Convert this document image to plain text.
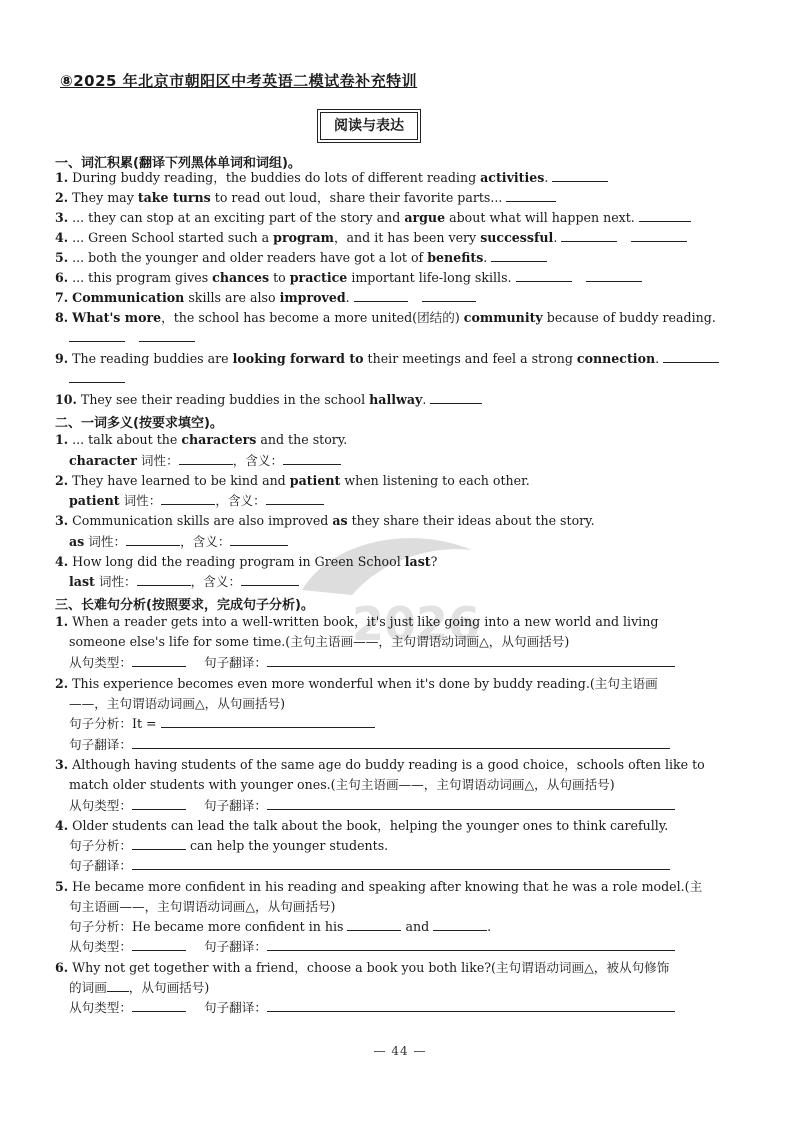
⑧2025 年北京市朝阳区中考英语二模试卷补充特训
阅读与表达
2026
一、词汇积累(翻译下列黑体单词和词组)。
1. During buddy reading，the buddies do lots of different reading activities.
2. They may take turns to read out loud，share their favorite parts...
3. ... they can stop at an exciting part of the story and argue about what will happen next.
4. ... Green School started such a program，and it has been very successful.
5. ... both the younger and older readers have got a lot of benefits.
6. ... this program gives chances to practice important life-long skills.
7. Communication skills are also improved.
8. What's more，the school has become a more united(团结的) community because of buddy reading.

9. The reading buddies are looking forward to their meetings and feel a strong connection.
10. They see their reading buddies in the school hallway.
二、一词多义(按要求填空)。
1. ... talk about the characters and the story.
character 词性：	，含义：
2. They have learned to be kind and patient when listening to each other.
patient 词性：	，含义：
3. Communication skills are also improved as they share their ideas about the story.
as 词性：	，含义：
4. How long did the reading program in Green School last?
last 词性：	，含义：
三、长难句分析(按照要求，完成句子分析)。
1. When a reader gets into a well-written book，it's just like going into a new world and living
someone else's life for some time.(主句主语画——，主句谓语动词画△，从句画括号)
从句类型：	句子翻译：
2. This experience becomes even more wonderful when it's done by buddy reading.(主句主语画
——，主句谓语动词画△，从句画括号)
句子分析：It =
句子翻译：
3. Although having students of the same age do buddy reading is a good choice，schools often like to
match older students with younger ones.(主句主语画——，主句谓语动词画△，从句画括号)
从句类型：	句子翻译：
4. Older students can lead the talk about the book，helping the younger ones to think carefully.
句子分析：	can help the younger students.
句子翻译：
5. He became more confident in his reading and speaking after knowing that he was a role model.(主
句主语画——，主句谓语动词画△，从句画括号)
句子分析：He became more confident in his	and	.
从句类型：	句子翻译：
6. Why not get together with a friend，choose a book you both like?(主句谓语动词画△，被从句修饰
的词画 ，从句画括号)
从句类型：	句子翻译：
— 44 —
